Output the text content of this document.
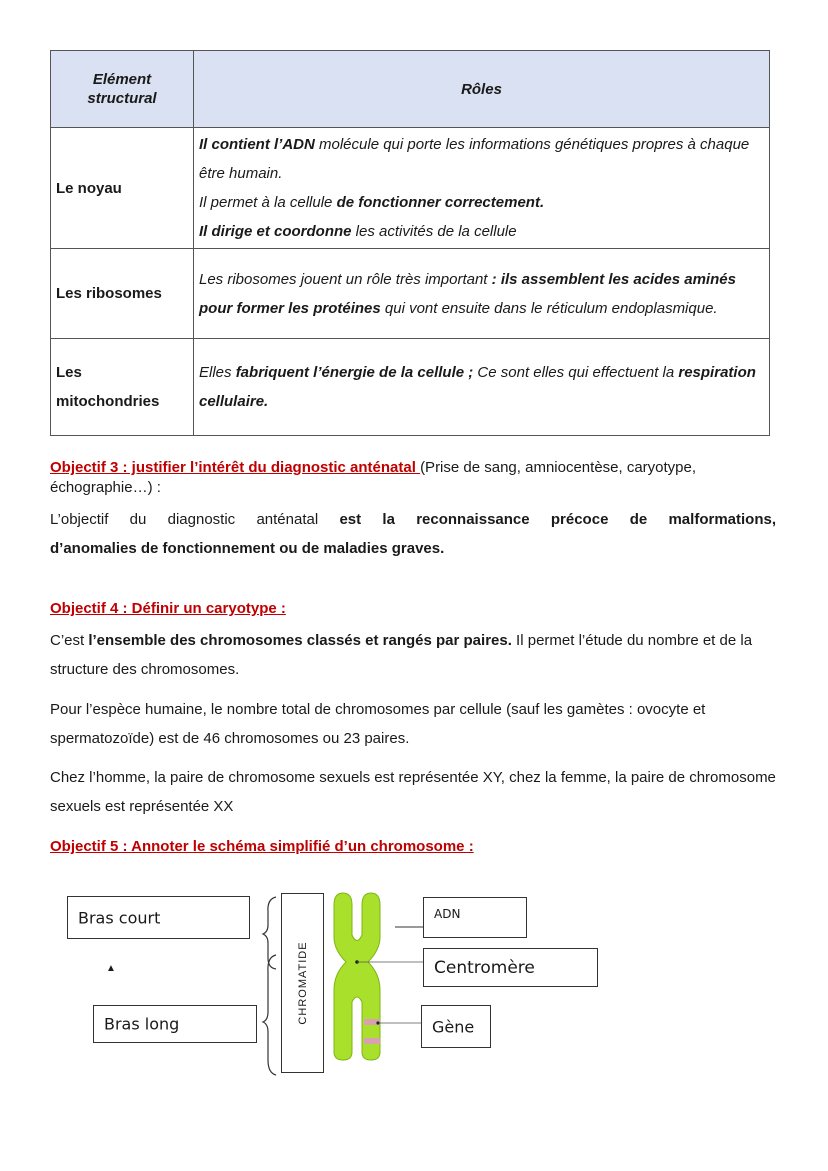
Elément
structural	Rôles
Le noyau	Il contient l’ADN molécule qui porte les informations génétiques propres à chaque être humain.
Il permet à la cellule de fonctionner correctement.
Il dirige et coordonne les activités de la cellule

Les ribosomes	Les ribosomes jouent un rôle très important : ils assemblent les acides aminés pour former les protéines qui vont ensuite dans le réticulum endoplasmique.

Les
mitochondries	Elles fabriquent l’énergie de la cellule ; Ce sont elles qui effectuent la respiration cellulaire.
Objectif 3 : justifier l’intérêt du diagnostic anténatal (Prise de sang, amniocentèse, caryotype, échographie…) :
L’objectif du diagnostic anténatal est la reconnaissance précoce de malformations,
d’anomalies de fonctionnement ou de maladies graves.
Objectif 4 : Définir un caryotype :
C’est l’ensemble des chromosomes classés et rangés par paires. Il permet l’étude du nombre et de la structure des chromosomes.
Pour l’espèce humaine, le nombre total de chromosomes par cellule (sauf les gamètes : ovocyte et spermatozoïde) est de 46 chromosomes ou 23 paires.
Chez l’homme, la paire de chromosome sexuels est représentée XY, chez la femme, la paire de chromosome sexuels est représentée XX
Objectif 5 : Annoter le schéma simplifié d’un chromosome :
Bras court
▲
Bras long	CHROMATIDE
ADN
Centromère
Gène
